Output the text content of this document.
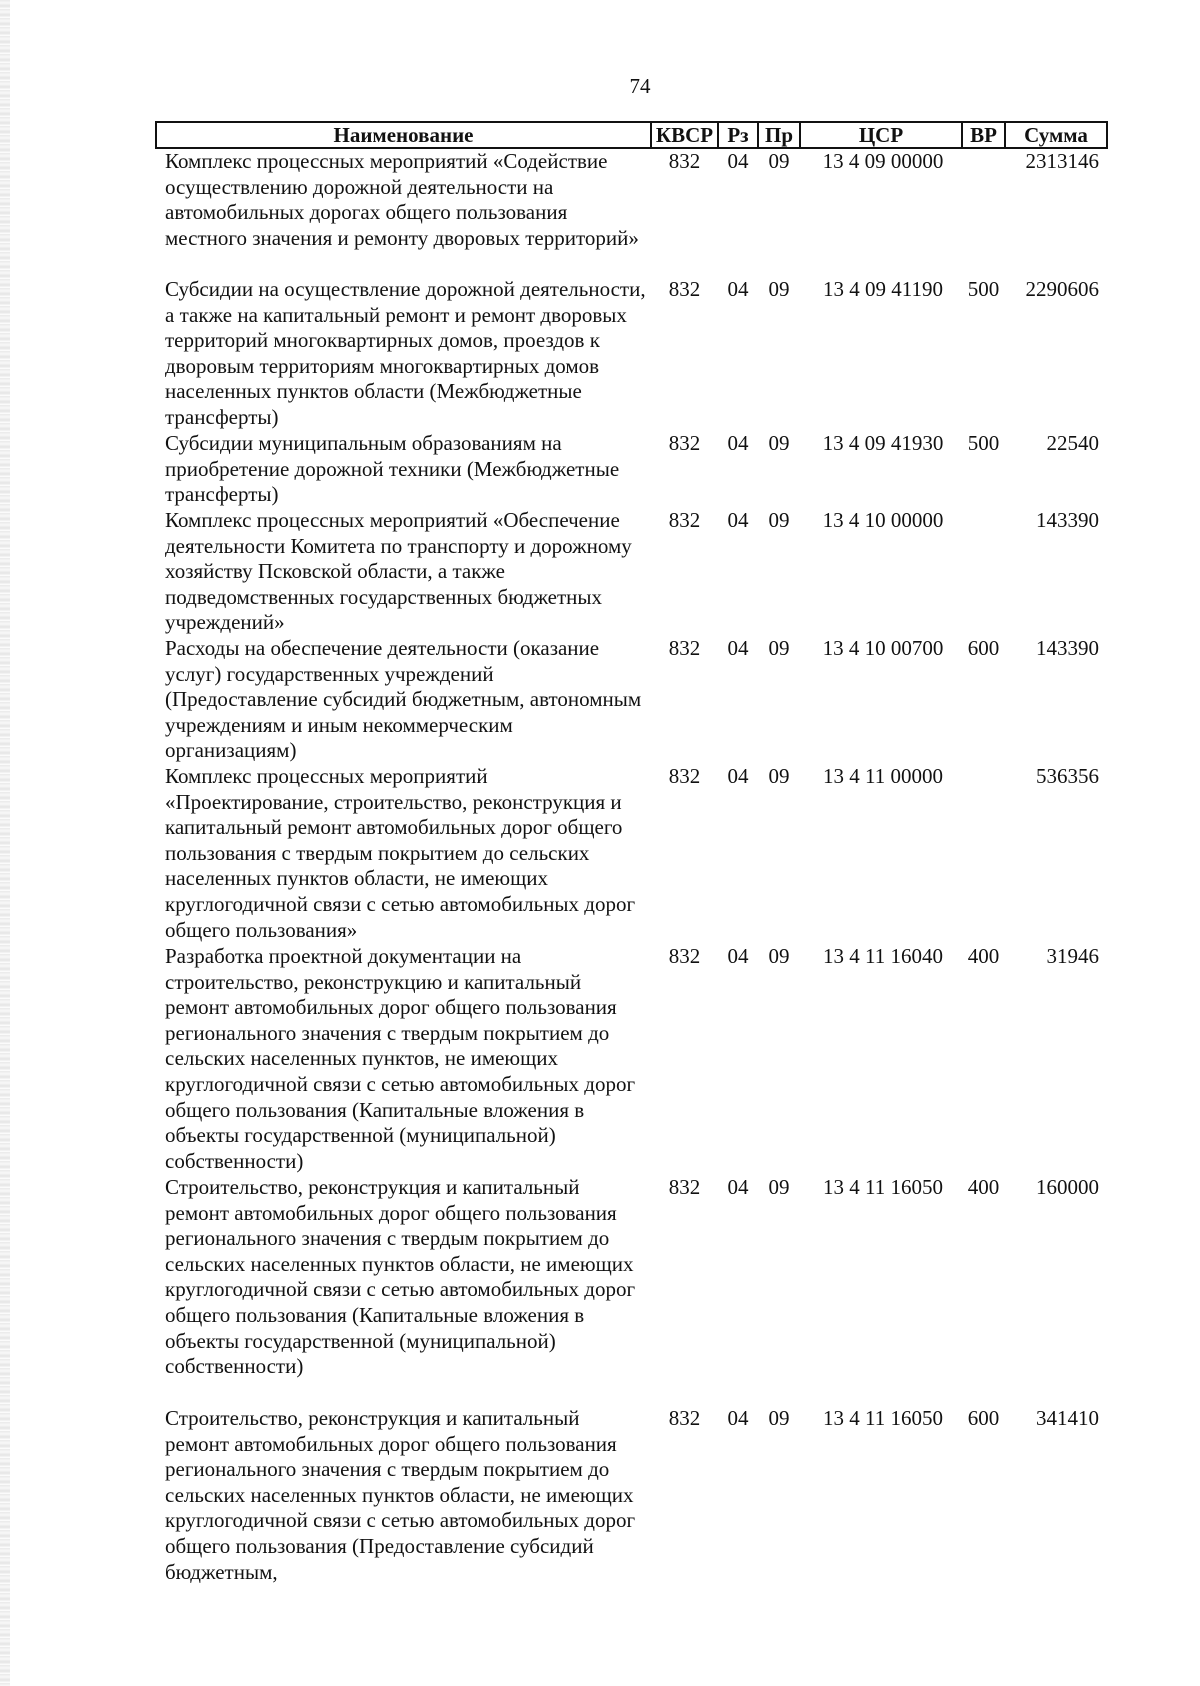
74
Наименование	КВСР	Рз	Пр	ЦСР	ВР	Сумма
Комплекс процессных мероприятий «Содействие осуществлению дорожной деятельности на автомобильных дорогах общего пользования местного значения и ремонту дворовых территорий»	832	04	09	13 4 09 00000		2313146
Субсидии на осуществление дорожной деятельности, а также на капитальный ремонт и ремонт дворовых территорий многоквартирных домов, проездов к дворовым территориям многоквартирных домов населенных пунктов области (Межбюджетные трансферты)	832	04	09	13 4 09 41190	500	2290606
Субсидии муниципальным образованиям на приобретение дорожной техники (Межбюджетные трансферты)	832	04	09	13 4 09 41930	500	22540
Комплекс процессных мероприятий «Обеспечение деятельности Комитета по транспорту и дорожному хозяйству Псковской области, а также подведомственных государственных бюджетных учреждений»	832	04	09	13 4 10 00000		143390
Расходы на обеспечение деятельности (оказание услуг) государственных учреждений (Предоставление субсидий бюджетным, автономным учреждениям и иным некоммерческим организациям)	832	04	09	13 4 10 00700	600	143390
Комплекс процессных мероприятий «Проектирование, строительство, реконструкция и капитальный ремонт автомобильных дорог общего пользования с твердым покрытием до сельских населенных пунктов области, не имеющих круглогодичной связи с сетью автомобильных дорог общего пользования»	832	04	09	13 4 11 00000		536356
Разработка проектной документации на строительство, реконструкцию и капитальный ремонт автомобильных дорог общего пользования регионального значения с твердым покрытием до сельских населенных пунктов, не имеющих круглогодичной связи с сетью автомобильных дорог общего пользования (Капитальные вложения в объекты государственной (муниципальной) собственности)	832	04	09	13 4 11 16040	400	31946
Строительство, реконструкция и капитальный ремонт автомобильных дорог общего пользования регионального значения с твердым покрытием до сельских населенных пунктов области, не имеющих круглогодичной связи с сетью автомобильных дорог общего пользования (Капитальные вложения в объекты государственной (муниципальной) собственности)	832	04	09	13 4 11 16050	400	160000
Строительство, реконструкция и капитальный ремонт автомобильных дорог общего пользования регионального значения с твердым покрытием до сельских населенных пунктов области, не имеющих круглогодичной связи с сетью автомобильных дорог общего пользования (Предоставление субсидий бюджетным,	832	04	09	13 4 11 16050	600	341410
